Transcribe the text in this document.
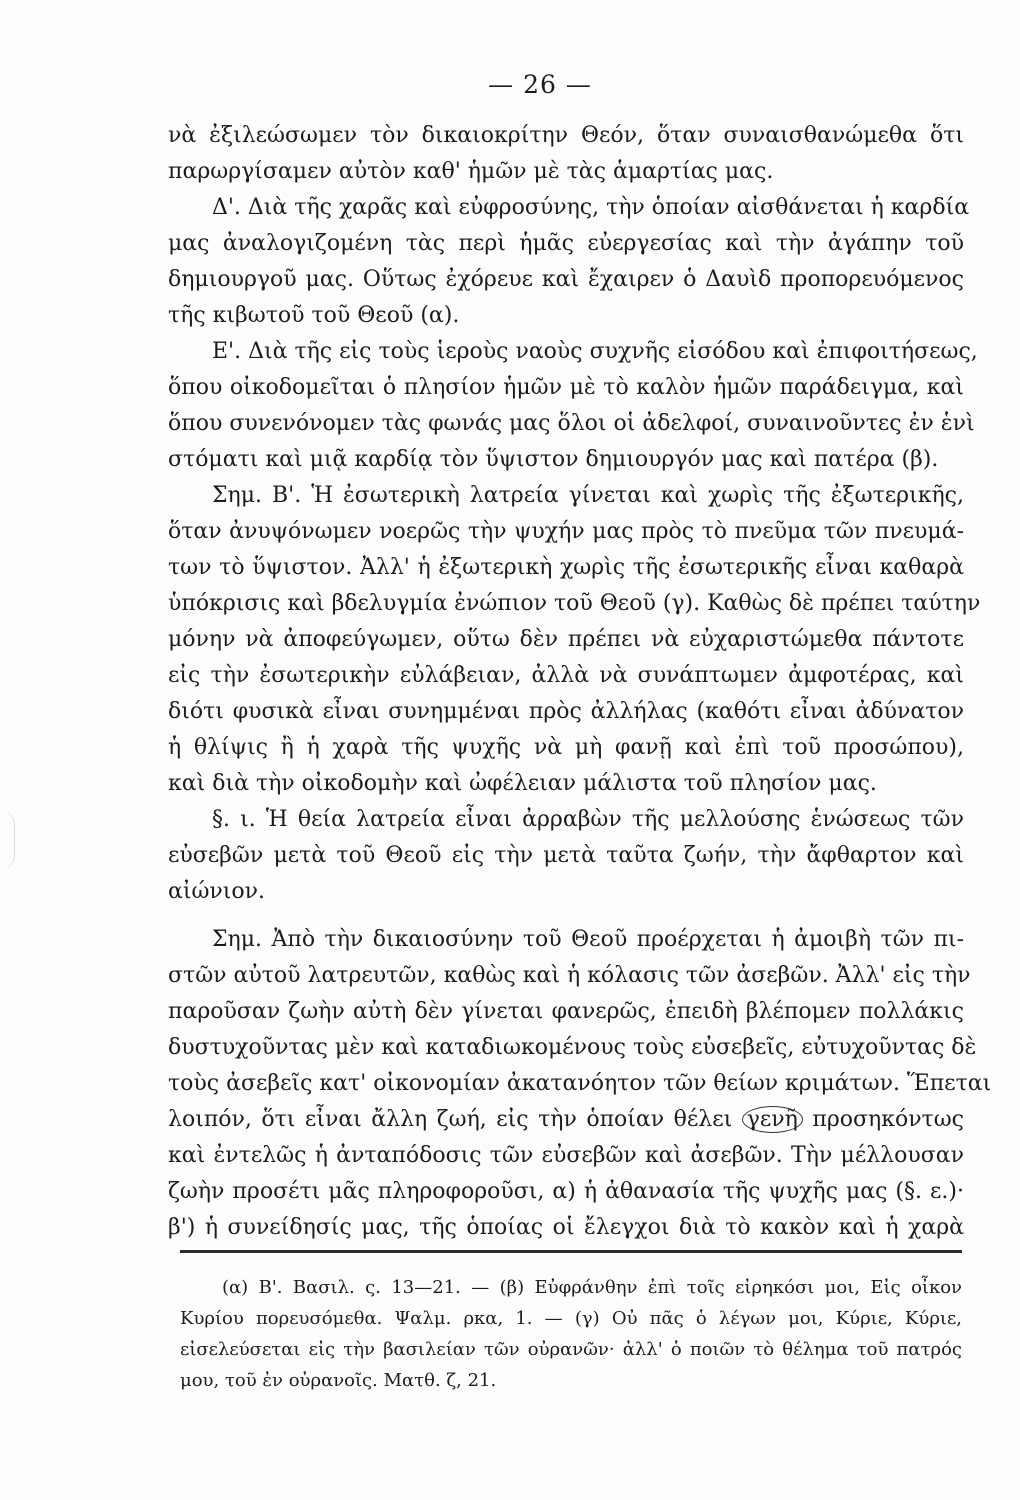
— 26 —
νὰ ἐξιλεώσωμεν τὸν δικαιοκρίτην Θεόν, ὅταν συναισθανώμεθα ὅτι
παρωργίσαμεν αὐτὸν καθ' ἡμῶν μὲ τὰς ἁμαρτίας μας.
Δ'. Διὰ τῆς χαρᾶς καὶ εὐφροσύνης, τὴν ὁποίαν αἰσθάνεται ἡ καρδία
μας ἀναλογιζομένη τὰς περὶ ἡμᾶς εὐεργεσίας καὶ τὴν ἀγάπην τοῦ
δημιουργοῦ μας. Οὕτως ἐχόρευε καὶ ἔχαιρεν ὁ Δαυὶδ προπορευόμενος
τῆς κιβωτοῦ τοῦ Θεοῦ (α).
Ε'. Διὰ τῆς εἰς τοὺς ἱεροὺς ναοὺς συχνῆς εἰσόδου καὶ ἐπιφοιτήσεως,
ὅπου οἰκοδομεῖται ὁ πλησίον ἡμῶν μὲ τὸ καλὸν ἡμῶν παράδειγμα, καὶ
ὅπου συνενόνομεν τὰς φωνάς μας ὅλοι οἱ ἀδελφοί, συναινοῦντες ἐν ἑνὶ
στόματι καὶ μιᾷ καρδίᾳ τὸν ὕψιστον δημιουργόν μας καὶ πατέρα (β).
Σημ. Β'. Ἡ ἐσωτερικὴ λατρεία γίνεται καὶ χωρὶς τῆς ἐξωτερικῆς,
ὅταν ἀνυψόνωμεν νοερῶς τὴν ψυχήν μας πρὸς τὸ πνεῦμα τῶν πνευμά-
των τὸ ὕψιστον. Ἀλλ' ἡ ἐξωτερικὴ χωρὶς τῆς ἐσωτερικῆς εἶναι καθαρὰ
ὑπόκρισις καὶ βδελυγμία ἐνώπιον τοῦ Θεοῦ (γ). Καθὼς δὲ πρέπει ταύτην
μόνην νὰ ἀποφεύγωμεν, οὕτω δὲν πρέπει νὰ εὐχαριστώμεθα πάντοτε
εἰς τὴν ἐσωτερικὴν εὐλάβειαν, ἀλλὰ νὰ συνάπτωμεν ἀμφοτέρας, καὶ
διότι φυσικὰ εἶναι συνημμέναι πρὸς ἀλλήλας (καθότι εἶναι ἀδύνατον
ἡ θλίψις ἢ ἡ χαρὰ τῆς ψυχῆς νὰ μὴ φανῇ καὶ ἐπὶ τοῦ προσώπου),
καὶ διὰ τὴν οἰκοδομὴν καὶ ὠφέλειαν μάλιστα τοῦ πλησίον μας.
§. ι. Ἡ θεία λατρεία εἶναι ἀρραβὼν τῆς μελλούσης ἑνώσεως τῶν
εὐσεβῶν μετὰ τοῦ Θεοῦ εἰς τὴν μετὰ ταῦτα ζωήν, τὴν ἄφθαρτον καὶ
αἰώνιον.
Σημ. Ἀπὸ τὴν δικαιοσύνην τοῦ Θεοῦ προέρχεται ἡ ἀμοιβὴ τῶν πι-
στῶν αὐτοῦ λατρευτῶν, καθὼς καὶ ἡ κόλασις τῶν ἀσεβῶν. Ἀλλ' εἰς τὴν
παροῦσαν ζωὴν αὐτὴ δὲν γίνεται φανερῶς, ἐπειδὴ βλέπομεν πολλάκις
δυστυχοῦντας μὲν καὶ καταδιωκομένους τοὺς εὐσεβεῖς, εὐτυχοῦντας δὲ
τοὺς ἀσεβεῖς κατ' οἰκονομίαν ἀκατανόητον τῶν θείων κριμάτων. Ἕπεται
λοιπόν, ὅτι εἶναι ἄλλη ζωή, εἰς τὴν ὁποίαν θέλει γενῆ προσηκόντως
καὶ ἐντελῶς ἡ ἀνταπόδοσις τῶν εὐσεβῶν καὶ ἀσεβῶν. Τὴν μέλλουσαν
ζωὴν προσέτι μᾶς πληροφοροῦσι, α) ἡ ἀθανασία τῆς ψυχῆς μας (§. ε.)·
β') ἡ συνείδησίς μας, τῆς ὁποίας οἱ ἔλεγχοι διὰ τὸ κακὸν καὶ ἡ χαρὰ
(α) Β'. Βασιλ. ς. 13—21. — (β) Εὐφράνθην ἐπὶ τοῖς εἰρηκόσι μοι, Εἰς οἶκον
Κυρίου πορευσόμεθα. Ψαλμ. ρκα, 1. — (γ) Οὐ πᾶς ὁ λέγων μοι, Κύριε, Κύριε,
εἰσελεύσεται εἰς τὴν βασιλείαν τῶν οὐρανῶν· ἀλλ' ὁ ποιῶν τὸ θέλημα τοῦ πατρός
μου, τοῦ ἐν οὐρανοῖς. Ματθ. ζ, 21.
